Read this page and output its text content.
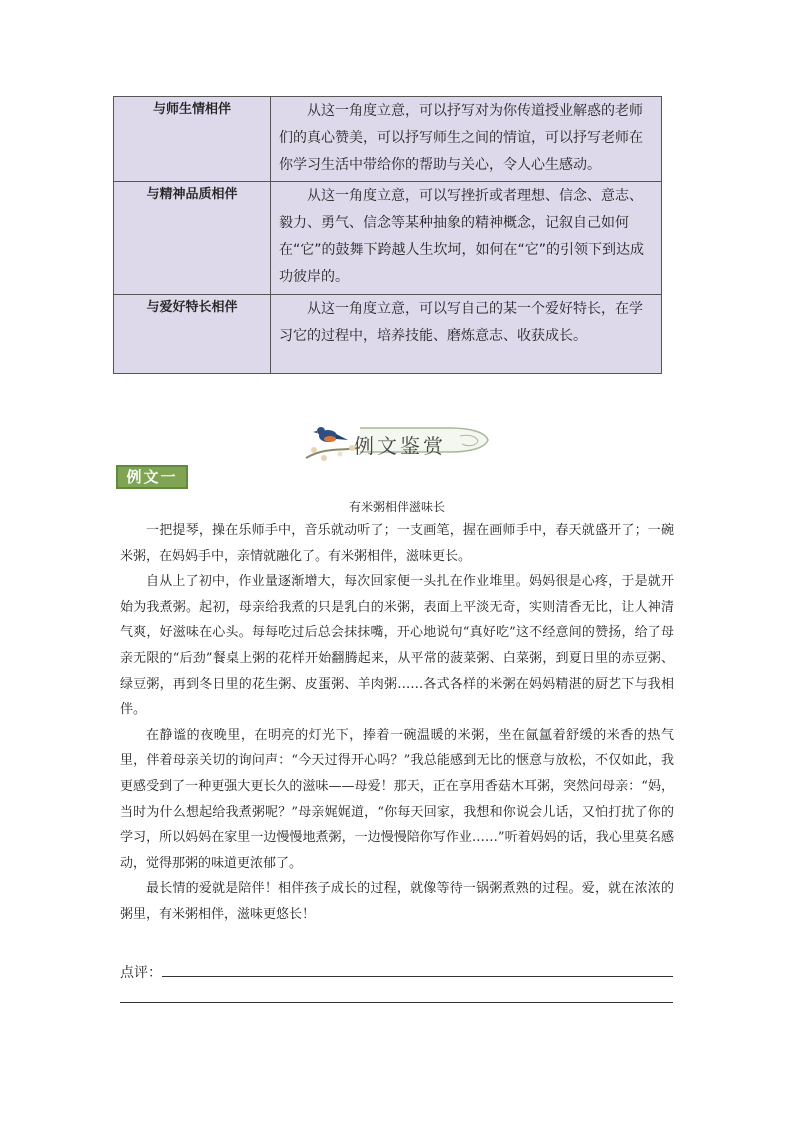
与师生情相伴	从这一角度立意，可以抒写对为你传道授业解惑的老师们的真心赞美，可以抒写师生之间的情谊，可以抒写老师在你学习生活中带给你的帮助与关心，令人心生感动。
与精神品质相伴	从这一角度立意，可以写挫折或者理想、信念、意志、毅力、勇气、信念等某种抽象的精神概念，记叙自己如何在“它”的鼓舞下跨越人生坎坷，如何在“它”的引领下到达成功彼岸的。
与爱好特长相伴	从这一角度立意，可以写自己的某一个爱好特长，在学习它的过程中，培养技能、磨炼意志、收获成长。
例文鉴赏
例文一
有米粥相伴滋味长

一把提琴，操在乐师手中，音乐就动听了；一支画笔，握在画师手中，春天就盛开了；一碗米粥，在妈妈手中，亲情就融化了。有米粥相伴，滋味更长。

自从上了初中，作业量逐渐增大，每次回家便一头扎在作业堆里。妈妈很是心疼，于是就开始为我煮粥。起初，母亲给我煮的只是乳白的米粥，表面上平淡无奇，实则清香无比，让人神清气爽，好滋味在心头。每每吃过后总会抹抹嘴，开心地说句“真好吃”这不经意间的赞扬，给了母亲无限的“后劲”餐桌上粥的花样开始翻腾起来，从平常的菠菜粥、白菜粥，到夏日里的赤豆粥、绿豆粥，再到冬日里的花生粥、皮蛋粥、羊肉粥……各式各样的米粥在妈妈精湛的厨艺下与我相伴。

在静谧的夜晚里，在明亮的灯光下，捧着一碗温暖的米粥，坐在氤氲着舒缓的米香的热气里，伴着母亲关切的询问声：“今天过得开心吗？”我总能感到无比的惬意与放松，不仅如此，我更感受到了一种更强大更长久的滋味——母爱！那天，正在享用香菇木耳粥，突然问母亲：“妈，当时为什么想起给我煮粥呢？”母亲娓娓道，“你每天回家，我想和你说会儿话，又怕打扰了你的学习，所以妈妈在家里一边慢慢地煮粥，一边慢慢陪你写作业……”听着妈妈的话，我心里莫名感动，觉得那粥的味道更浓郁了。

最长情的爱就是陪伴！相伴孩子成长的过程，就像等待一锅粥煮熟的过程。爱，就在浓浓的粥里，有米粥相伴，滋味更悠长！

点评：
